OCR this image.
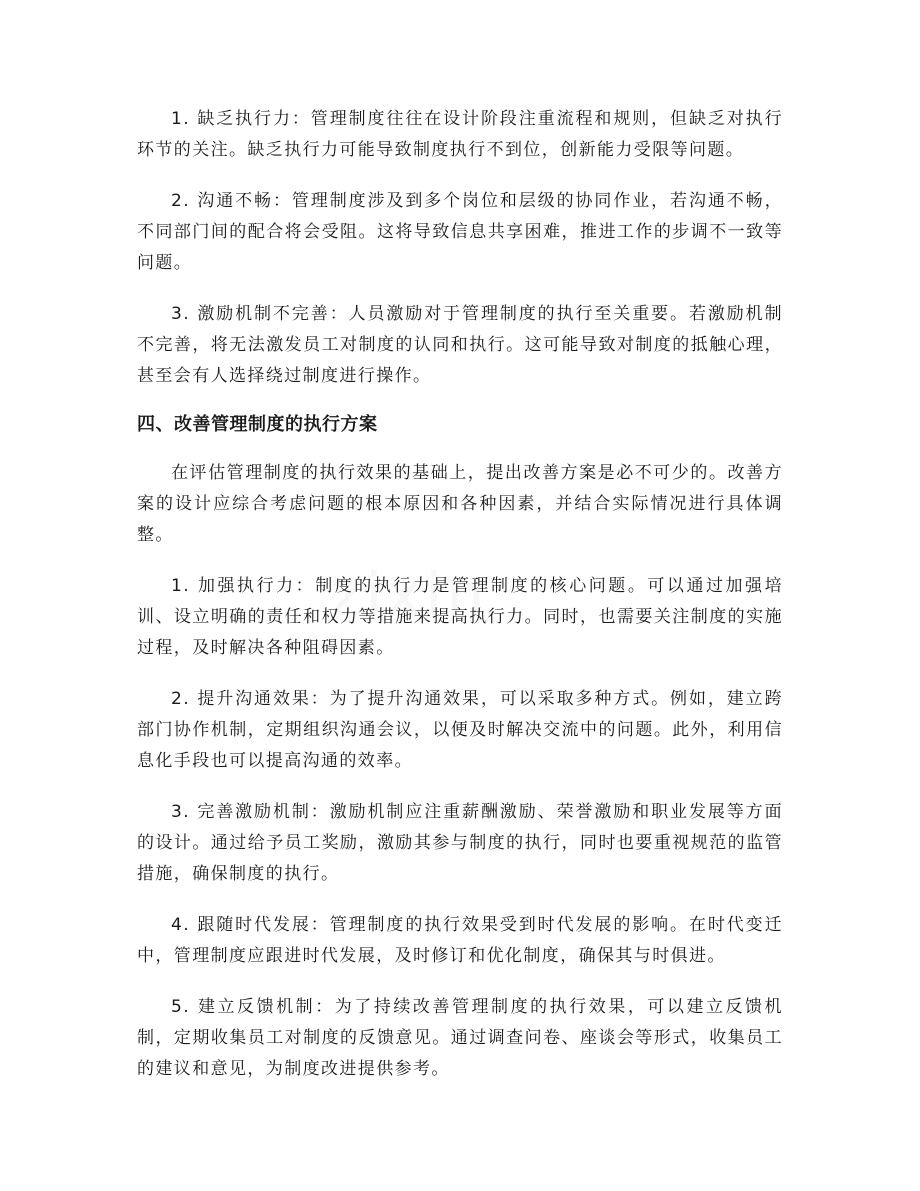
zixin

1. 缺乏执行力：管理制度往往在设计阶段注重流程和规则，但缺乏对执行环节的关注。缺乏执行力可能导致制度执行不到位，创新能力受限等问题。

2. 沟通不畅：管理制度涉及到多个岗位和层级的协同作业，若沟通不畅，不同部门间的配合将会受阻。这将导致信息共享困难，推进工作的步调不一致等问题。

3. 激励机制不完善：人员激励对于管理制度的执行至关重要。若激励机制不完善，将无法激发员工对制度的认同和执行。这可能导致对制度的抵触心理，甚至会有人选择绕过制度进行操作。

四、改善管理制度的执行方案

在评估管理制度的执行效果的基础上，提出改善方案是必不可少的。改善方案的设计应综合考虑问题的根本原因和各种因素，并结合实际情况进行具体调整。

1. 加强执行力：制度的执行力是管理制度的核心问题。可以通过加强培训、设立明确的责任和权力等措施来提高执行力。同时，也需要关注制度的实施过程，及时解决各种阻碍因素。

2. 提升沟通效果：为了提升沟通效果，可以采取多种方式。例如，建立跨部门协作机制，定期组织沟通会议，以便及时解决交流中的问题。此外，利用信息化手段也可以提高沟通的效率。

3. 完善激励机制：激励机制应注重薪酬激励、荣誉激励和职业发展等方面的设计。通过给予员工奖励，激励其参与制度的执行，同时也要重视规范的监管措施，确保制度的执行。

4. 跟随时代发展：管理制度的执行效果受到时代发展的影响。在时代变迁中，管理制度应跟进时代发展，及时修订和优化制度，确保其与时俱进。

5. 建立反馈机制：为了持续改善管理制度的执行效果，可以建立反馈机制，定期收集员工对制度的反馈意见。通过调查问卷、座谈会等形式，收集员工的建议和意见，为制度改进提供参考。
